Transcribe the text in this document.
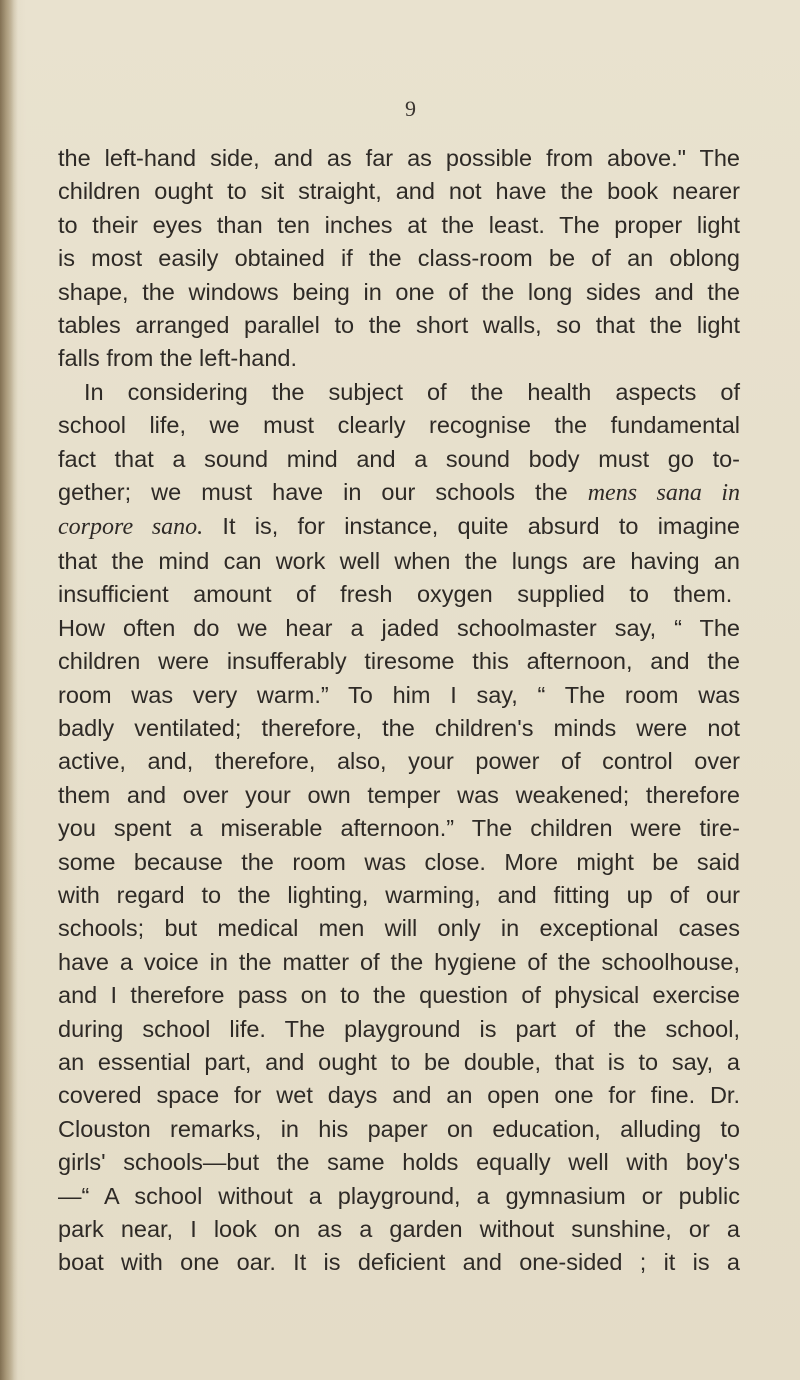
9
the left-hand side, and as far as possible from above." The
children ought to sit straight, and not have the book nearer
to their eyes than ten inches at the least. The proper light
is most easily obtained if the class-room be of an oblong
shape, the windows being in one of the long sides and the
tables arranged parallel to the short walls, so that the light
falls from the left-hand.
In considering the subject of the health aspects of
school life, we must clearly recognise the fundamental
fact that a sound mind and a sound body must go to-
gether; we must have in our schools the mens sana in
corpore sano. It is, for instance, quite absurd to imagine
that the mind can work well when the lungs are having an
insufficient amount of fresh oxygen supplied to them.
How often do we hear a jaded schoolmaster say, “ The
children were insufferably tiresome this afternoon, and the
room was very warm.” To him I say, “ The room was
badly ventilated; therefore, the children's minds were not
active, and, therefore, also, your power of control over
them and over your own temper was weakened; therefore
you spent a miserable afternoon.” The children were tire-
some because the room was close. More might be said
with regard to the lighting, warming, and fitting up of our
schools; but medical men will only in exceptional cases
have a voice in the matter of the hygiene of the schoolhouse,
and I therefore pass on to the question of physical exercise
during school life. The playground is part of the school,
an essential part, and ought to be double, that is to say, a
covered space for wet days and an open one for fine. Dr.
Clouston remarks, in his paper on education, alluding to
girls' schools—but the same holds equally well with boy's
—“ A school without a playground, a gymnasium or public
park near, I look on as a garden without sunshine, or a
boat with one oar. It is deficient and one-sided ; it is a
